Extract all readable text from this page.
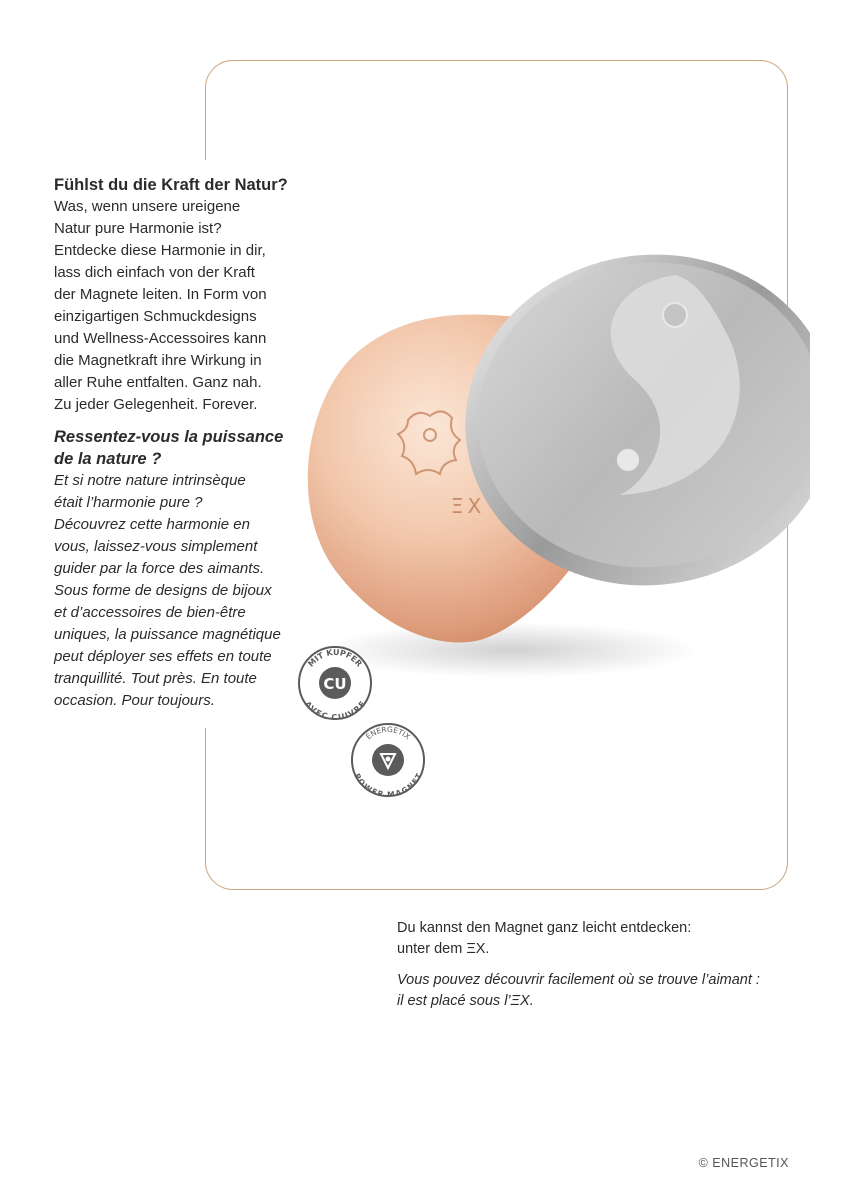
ΞX
Fühlst du die Kraft der Natur?

Was, wenn unsere ureigene

Natur pure Harmonie ist?

Entdecke diese Harmonie in dir,

lass dich einfach von der Kraft

der Magnete leiten. In Form von

einzigartigen Schmuckdesigns

und Wellness-Accessoires kann

die Magnetkraft ihre Wirkung in

aller Ruhe entfalten. Ganz nah.

Zu jeder Gelegenheit. Forever.

Ressentez-vous la puissance
de la nature ?

Et si notre nature intrinsèque

était l’harmonie pure ?

Découvrez cette harmonie en

vous, laissez-vous simplement

guider par la force des aimants.

Sous forme de designs de bijoux

et d’accessoires de bien-être

uniques, la puissance magnétique

peut déployer ses effets en toute

tranquillité. Tout près. En toute

occasion. Pour toujours.

MIT KUPFER
CU
AVEC CUIVRE
ENERGETIX
POWER MAGNET

Du kannst den Magnet ganz leicht entdecken:

unter dem ΞX.

Vous pouvez découvrir facilement où se trouve l’aimant :

il est placé sous l’ΞX.

© ENERGETIX
